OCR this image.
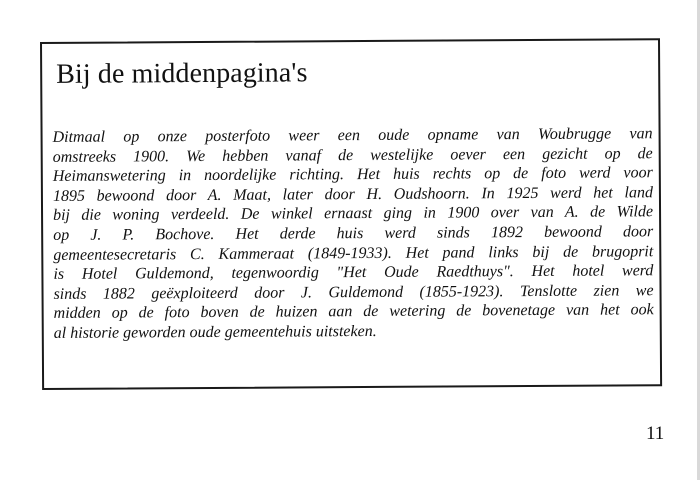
Bij de middenpagina's
Ditmaal op onze posterfoto weer een oude opname van Woubrugge van
omstreeks 1900. We hebben vanaf de westelijke oever een gezicht op de
Heimanswetering in noordelijke richting. Het huis rechts op de foto werd voor
1895 bewoond door A. Maat, later door H. Oudshoorn. In 1925 werd het land
bij die woning verdeeld. De winkel ernaast ging in 1900 over van A. de Wilde
op J. P. Bochove. Het derde huis werd sinds 1892 bewoond door
gemeentesecretaris C. Kammeraat (1849-1933). Het pand links bij de brugoprit
is Hotel Guldemond, tegenwoordig "Het Oude Raedthuys". Het hotel werd
sinds 1882 geëxploiteerd door J. Guldemond (1855-1923). Tenslotte zien we
midden op de foto boven de huizen aan de wetering de bovenetage van het ook
al historie geworden oude gemeentehuis uitsteken.
11
